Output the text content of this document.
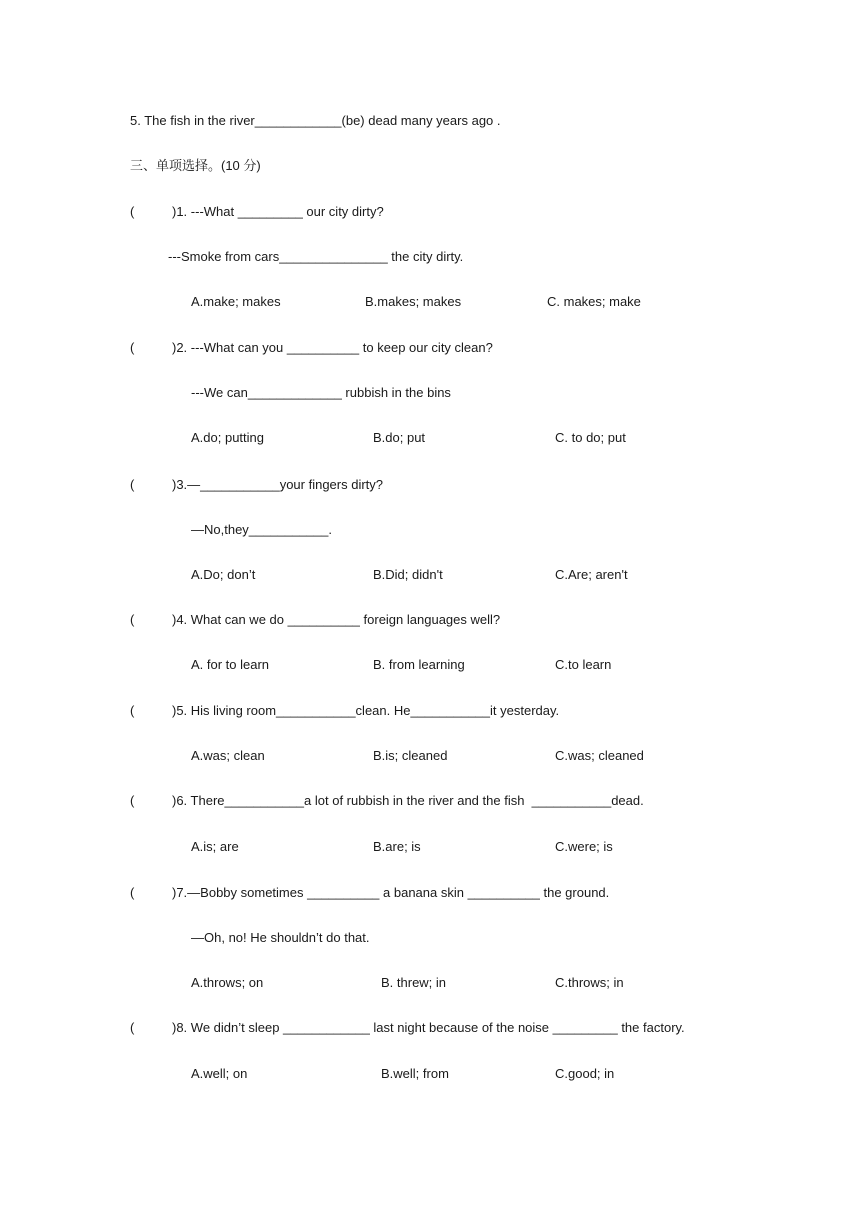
5. The fish in the river____________(be) dead many years ago .
三、单项选择。(10 分)
(	)1. ---What _________ our city dirty?
---Smoke from cars_______________ the city dirty.
A.make; makes	B.makes; makes	C. makes; make
(	)2. ---What can you __________ to keep our city clean?
---We can_____________ rubbish in the bins
A.do; putting	B.do; put	C. to do; put
(	)3.—___________your fingers dirty?
—No,they___________.
A.Do; don’t	B.Did; didn't	C.Are; aren't
(	)4. What can we do __________ foreign languages well?
A. for to learn	B. from learning	C.to learn
(	)5. His living room___________clean. He___________it yesterday.
A.was; clean	B.is; cleaned	C.was; cleaned
(	)6. There___________a lot of rubbish in the river and the fish  ___________dead.
A.is; are	B.are; is	C.were; is
(	)7.—Bobby sometimes __________ a banana skin __________ the ground.
—Oh, no! He shouldn’t do that.
A.throws; on	B. threw; in	C.throws; in
(	)8. We didn’t sleep ____________ last night because of the noise _________ the factory.
A.well; on	B.well; from	C.good; in
